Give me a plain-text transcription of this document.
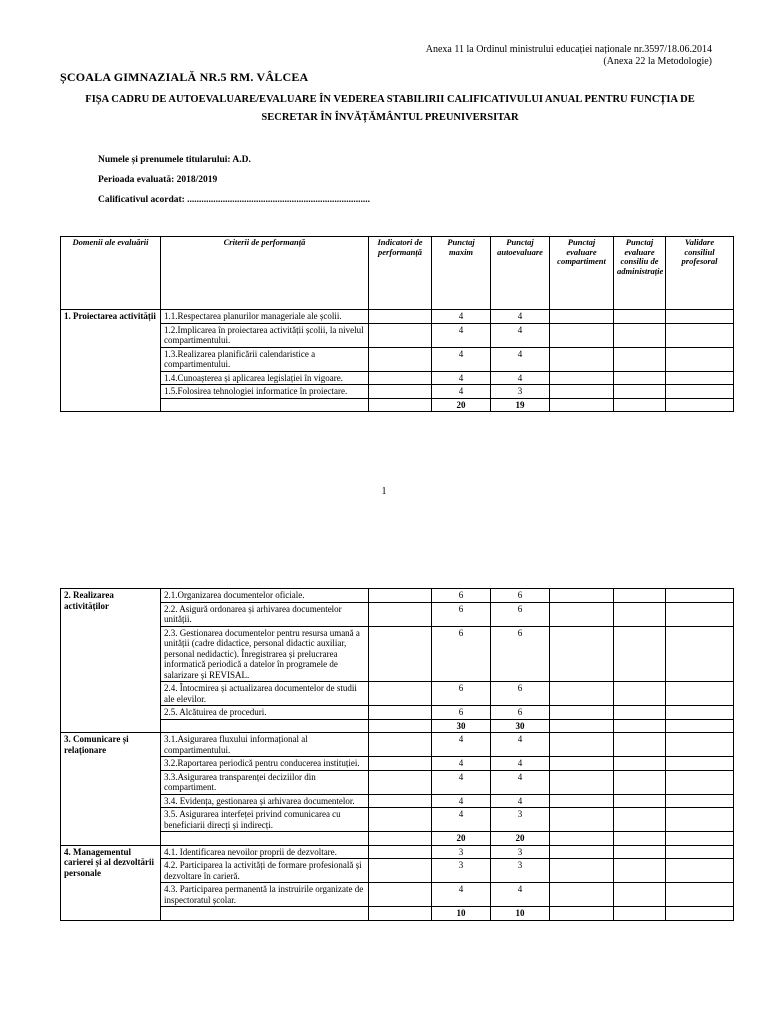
Anexa 11 la Ordinul ministrului educației naționale nr.3597/18.06.2014
(Anexa 22 la Metodologie)
ȘCOALA GIMNAZIALĂ NR.5 RM. VÂLCEA
FIȘA CADRU DE AUTOEVALUARE/EVALUARE ÎN VEDEREA STABILIRII CALIFICATIVULUI ANUAL PENTRU FUNCȚIA DE
SECRETAR ÎN ÎNVĂȚĂMÂNTUL PREUNIVERSITAR
Numele și prenumele titularului: A.D.
Perioada evaluată: 2018/2019
Calificativul acordat: .............................................................................
Domenii ale evaluării	Criterii de performanță	Indicatori de performanță	Punctaj maxim	Punctaj autoevaluare	Punctaj evaluare compartiment	Punctaj evaluare consiliu de administrație	Validare consiliul profesoral
1. Proiectarea activității	1.1.Respectarea planurilor manageriale ale școlii.		4	4			
	1.2.Implicarea în proiectarea activității școlii, la nivelul compartimentului.		4	4			
	1.3.Realizarea planificării calendaristice a compartimentului.		4	4			
	1.4.Cunoașterea și aplicarea legislației în vigoare.		4	4			
	1.5.Folosirea tehnologiei informatice în proiectare.		4	3			
			20	19			
1
2. Realizarea activităților	2.1.Organizarea documentelor oficiale.		6	6			
	2.2. Asigură ordonarea și arhivarea documentelor unității.		6	6			
	2.3. Gestionarea documentelor pentru resursa umană a unității (cadre didactice, personal didactic auxiliar, personal nedidactic). Înregistrarea și prelucrarea informatică periodică a datelor în programele de salarizare și REVISAL.		6	6			
	2.4. Întocmirea și actualizarea documentelor de studii ale elevilor.		6	6			
	2.5. Alcătuirea de proceduri.		6	6			
			30	30			
3. Comunicare și relaționare	3.1.Asigurarea fluxului informațional al compartimentului.		4	4			
	3.2.Raportarea periodică pentru conducerea instituției.		4	4			
	3.3.Asigurarea transparenței deciziilor din compartiment.		4	4			
	3.4. Evidența, gestionarea și arhivarea documentelor.		4	4			
	3.5. Asigurarea interfeței privind comunicarea cu beneficiarii direcți și indirecți.		4	3			
			20	20			
4. Managementul carierei și al dezvoltării personale	4.1. Identificarea nevoilor proprii de dezvoltare.		3	3			
	4.2. Participarea la activități de formare profesională și dezvoltare în carieră.		3	3			
	4.3. Participarea permanentă la instruirile organizate de inspectoratul școlar.		4	4			
			10	10			
